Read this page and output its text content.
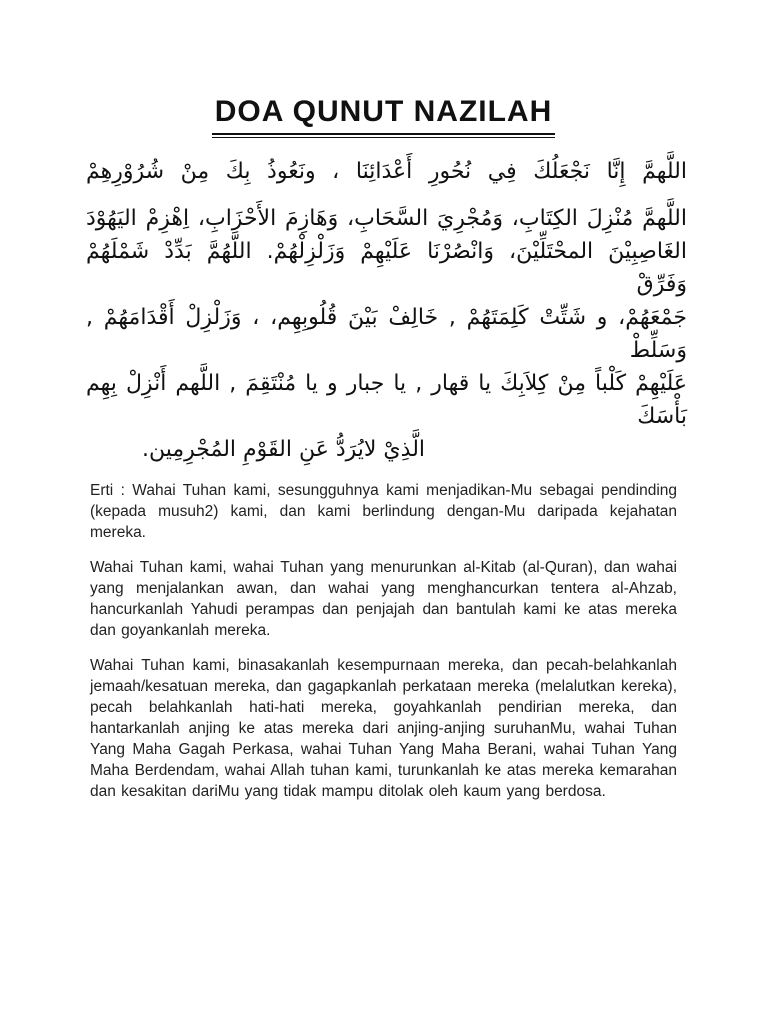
DOA QUNUT NAZILAH
اللَّهمَّ إِنَّا نَجْعَلُكَ فِي نُحُورِ أَعْدَائِنَا ، ونَعُوذُ بِكَ مِنْ شُرُوْرِهِمْ
اللَّهمَّ مُنْزِلَ الكِتَابِ، وَمُجْرِيَ السَّحَابِ، وَهَازِمَ الأَحْزَابِ، اِهْزِمْ اليَهُوْدَ
الغَاصِبِيْنَ المحْتَلِّيْنَ، وَانْصُرْنَا عَلَيْهِمْ وَزَلْزِلْهُمْ. اللَّهُمَّ بَدِّدْ شَمْلَهُمْ وَفَرِّقْ
جَمْعَهُمْ، و شَتِّتْ كَلِمَتَهُمْ , خَالِفْ بَيْنَ قُلُوبِهِم، ، وَزَلْزِلْ أَقْدَامَهُمْ , وَسَلِّطْ
عَلَيْهِمْ كَلْباً مِنْ كِلاَبِكَ يا قهار , يا جبار و يا مُنْتَقِمَ , اللَّهم أَنْزِلْ بِهِم بَأْسَكَ
الَّذِيْ لايُرَدُّ عَنِ القَوْمِ المُجْرِمِين.

Erti : Wahai Tuhan kami, sesungguhnya kami menjadikan-Mu sebagai pendinding (kepada musuh2) kami, dan kami berlindung dengan-Mu daripada kejahatan mereka.

Wahai Tuhan kami, wahai Tuhan yang menurunkan al-Kitab (al-Quran), dan wahai yang menjalankan awan, dan wahai yang menghancurkan tentera al-Ahzab, hancurkanlah Yahudi perampas dan penjajah dan bantulah kami ke atas mereka dan goyankanlah mereka.

Wahai Tuhan kami, binasakanlah kesempurnaan mereka, dan pecah-belahkanlah jemaah/kesatuan mereka, dan gagapkanlah perkataan mereka (melalutkan kereka), pecah belahkanlah hati-hati mereka, goyahkanlah pendirian mereka, dan hantarkanlah anjing ke atas mereka dari anjing-anjing suruhanMu, wahai Tuhan Yang Maha Gagah Perkasa, wahai Tuhan Yang Maha Berani, wahai Tuhan Yang Maha Berdendam, wahai Allah tuhan kami, turunkanlah ke atas mereka kemarahan dan kesakitan dariMu yang tidak mampu ditolak oleh kaum yang berdosa.
